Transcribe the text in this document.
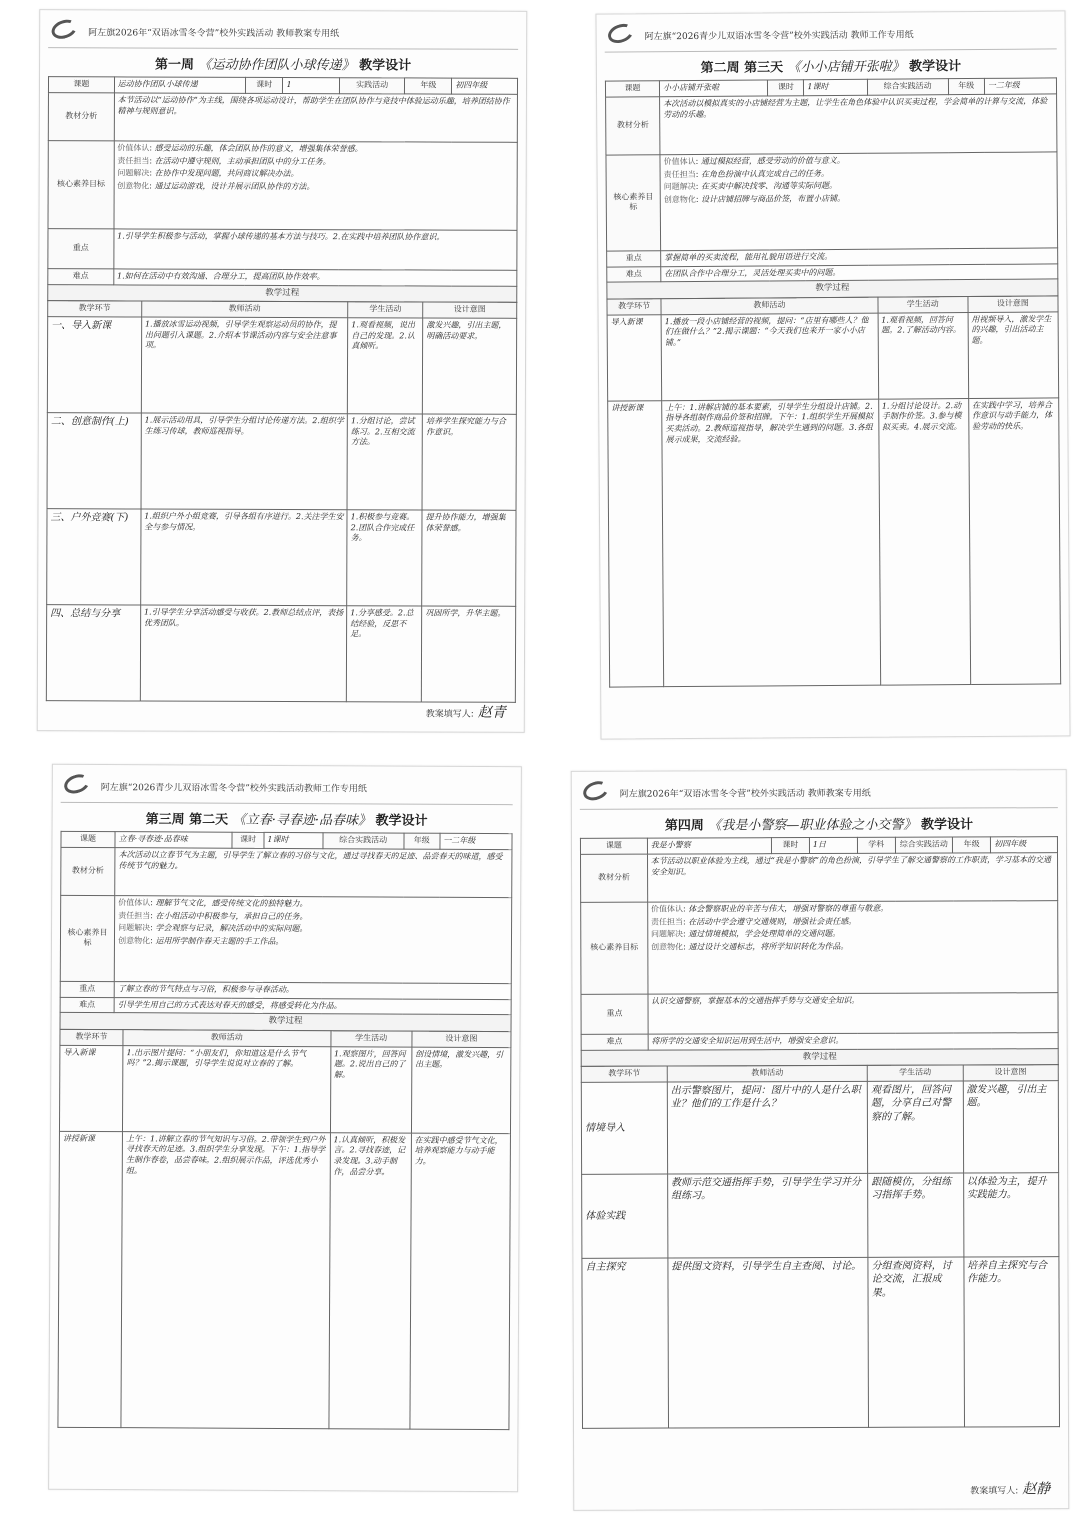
阿左旗2026年“双语冰雪冬令营”校外实践活动 教师教案专用纸
第一周 《运动协作团队小球传递》 教学设计
课题	运动协作团队小球传递	课时	1	实践活动	年级	初四年级
教材分析	本节活动以“运动协作”为主线，围绕各项运动设计，帮助学生在团队协作与竞技中体验运动乐趣，培养团结协作精神与规则意识。					
核心素养目标	价值体认: 感受运动的乐趣，体会团队协作的意义，增强集体荣誉感。
责任担当: 在活动中遵守规则，主动承担团队中的分工任务。
问题解决: 在协作中发现问题，共同商议解决办法。
创意物化: 通过运动游戏，设计并展示团队协作的方法。					

重点	1.引导学生积极参与活动，掌握小球传递的基本方法与技巧。2.在实践中培养团队协作意识。					
难点	1.如何在活动中有效沟通、合理分工，提高团队协作效率。					
教学过程						
教学环节	教师活动	学生活动	设计意图
一、导入新课	1.播放冰雪运动视频，引导学生观察运动员的协作，提出问题引入课题。2.介绍本节课活动内容与安全注意事项。	1.观看视频，说出自己的发现。2.认真倾听。	激发兴趣，引出主题，明确活动要求。
二、创意制作(上)	1.展示活动用具，引导学生分组讨论传递方法。2.组织学生练习传球，教师巡视指导。	1.分组讨论，尝试练习。2.互相交流方法。	培养学生探究能力与合作意识。
三、户外竞赛(下)	1.组织户外小组竞赛，引导各组有序进行。2.关注学生安全与参与情况。	1.积极参与竞赛。2.团队合作完成任务。	提升协作能力，增强集体荣誉感。
四、总结与分享	1.引导学生分享活动感受与收获。2.教师总结点评，表扬优秀团队。	1.分享感受。2.总结经验，反思不足。	巩固所学，升华主题。
教案填写人: 赵青
阿左旗“2026青少儿双语冰雪冬令营”校外实践活动 教师工作专用纸
第二周 第三天 《小小店铺开张啦》 教学设计
课题	小小店铺开张啦	课时	1课时	综合实践活动	年级	一二年级
教材分析	本次活动以模拟真实的小店铺经营为主题，让学生在角色体验中认识买卖过程，学会简单的计算与交流，体验劳动的乐趣。					
核心素养目标	价值体认: 通过模拟经营，感受劳动的价值与意义。
责任担当: 在角色扮演中认真完成自己的任务。
问题解决: 在买卖中解决找零、沟通等实际问题。
创意物化: 设计店铺招牌与商品价签，布置小店铺。					

重点	掌握简单的买卖流程，能用礼貌用语进行交流。					
难点	在团队合作中合理分工，灵活处理买卖中的问题。					
教学过程						
教学环节	教师活动	学生活动	设计意图
导入新课	1.播放一段小店铺经营的视频，提问：“店里有哪些人？他们在做什么？”2.揭示课题：“今天我们也来开一家小小店铺。”	1.观看视频，回答问题。2.了解活动内容。	用视频导入，激发学生的兴趣，引出活动主题。
讲授新课	上午：1.讲解店铺的基本要素，引导学生分组设计店铺。2.指导各组制作商品价签和招牌。下午：1.组织学生开展模拟买卖活动。2.教师巡视指导，解决学生遇到的问题。3.各组展示成果，交流经验。	1.分组讨论设计。2.动手制作价签。3.参与模拟买卖。4.展示交流。	在实践中学习，培养合作意识与动手能力，体验劳动的快乐。
阿左旗“2026青少儿双语冰雪冬令营”校外实践活动教师工作专用纸
第三周 第二天 《立春·寻春迹·品春味》 教学设计
课题	立春·寻春迹·品春味	课时	1课时	综合实践活动	年级	一二年级
教材分析	本次活动以立春节气为主题，引导学生了解立春的习俗与文化，通过寻找春天的足迹、品尝春天的味道，感受传统节气的魅力。					
核心素养目标	价值体认: 理解节气文化，感受传统文化的独特魅力。
责任担当: 在小组活动中积极参与，承担自己的任务。
问题解决: 学会观察与记录，解决活动中的实际问题。
创意物化: 运用所学制作春天主题的手工作品。					

重点	了解立春的节气特点与习俗，积极参与寻春活动。					
难点	引导学生用自己的方式表达对春天的感受，将感受转化为作品。					
教学过程						
教学环节	教师活动	学生活动	设计意图
导入新课	1.出示图片提问：“小朋友们，你知道这是什么节气吗？”2.揭示课题，引导学生说说对立春的了解。	1.观察图片，回答问题。2.说出自己的了解。	创设情境，激发兴趣，引出主题。
讲授新课	上午：1.讲解立春的节气知识与习俗。2.带领学生到户外寻找春天的足迹。3.组织学生分享发现。下午：1.指导学生制作春卷，品尝春味。2.组织展示作品，评选优秀小组。	1.认真倾听，积极发言。2.寻找春迹，记录发现。3.动手制作，品尝分享。	在实践中感受节气文化，培养观察能力与动手能力。
阿左旗2026年“双语冰雪冬令营”校外实践活动 教师教案专用纸
第四周 《我是小警察—职业体验之小交警》 教学设计
课题	我是小警察	课时	1日	学科	综合实践活动	年级	初四年级
教材分析	本节活动以职业体验为主线，通过“我是小警察”的角色扮演，引导学生了解交通警察的工作职责，学习基本的交通安全知识。						
核心素养目标	价值体认: 体会警察职业的辛苦与伟大，增强对警察的尊重与敬意。
责任担当: 在活动中学会遵守交通规则，增强社会责任感。
问题解决: 通过情境模拟，学会处理简单的交通问题。
创意物化: 通过设计交通标志，将所学知识转化为作品。						

重点	认识交通警察，掌握基本的交通指挥手势与交通安全知识。						
难点	将所学的交通安全知识运用到生活中，增强安全意识。						
教学过程							
教学环节	教师活动	学生活动	设计意图
情境导入	出示警察图片，提问：图片中的人是什么职业？他们的工作是什么？	观看图片，回答问题，分享自己对警察的了解。	激发兴趣，引出主题。
体验实践	教师示范交通指挥手势，引导学生学习并分组练习。	跟随模仿，分组练习指挥手势。	以体验为主，提升实践能力。
自主探究	提供图文资料，引导学生自主查阅、讨论。	分组查阅资料，讨论交流，汇报成果。	培养自主探究与合作能力。
教案填写人: 赵静
